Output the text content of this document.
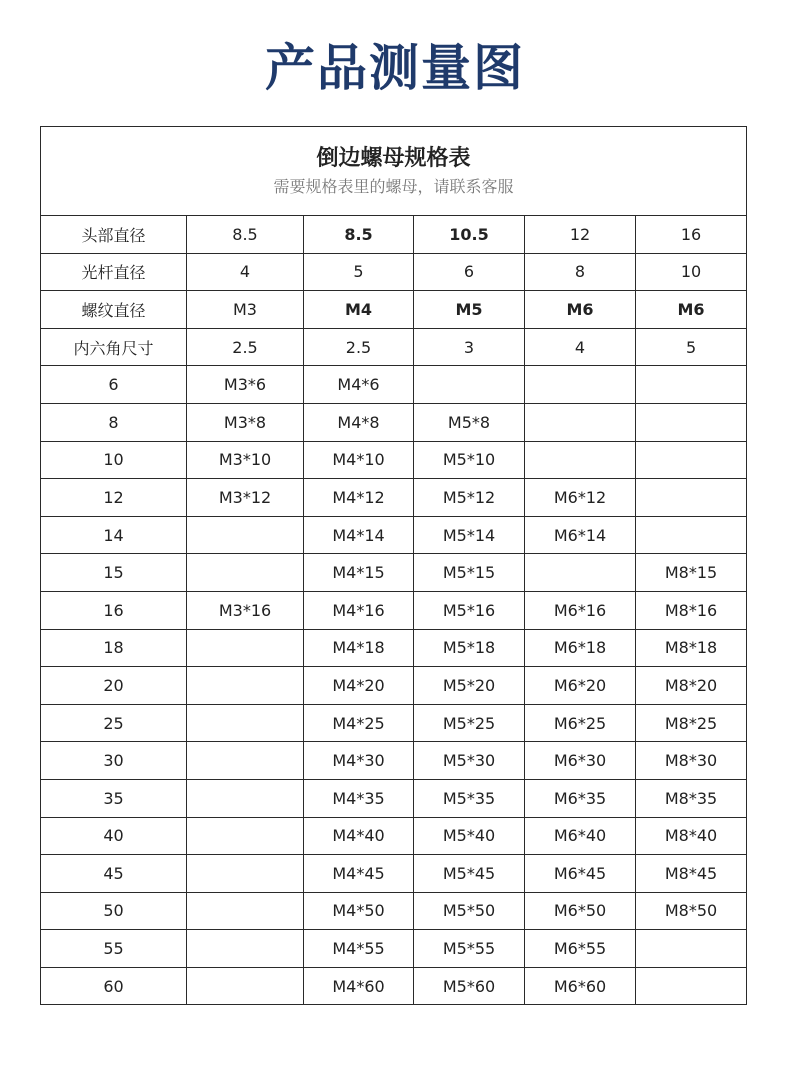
产品测量图
倒边螺母规格表
需要规格表里的螺母，请联系客服					

头部直径	8.5	8.5	10.5	12	16
光杆直径	4	5	6	8	10
螺纹直径	M3	M4	M5	M6	M6
内六角尺寸	2.5	2.5	3	4	5
6	M3*6	M4*6			
8	M3*8	M4*8	M5*8		
10	M3*10	M4*10	M5*10		
12	M3*12	M4*12	M5*12	M6*12	
14		M4*14	M5*14	M6*14	
15		M4*15	M5*15		M8*15
16	M3*16	M4*16	M5*16	M6*16	M8*16
18		M4*18	M5*18	M6*18	M8*18
20		M4*20	M5*20	M6*20	M8*20
25		M4*25	M5*25	M6*25	M8*25
30		M4*30	M5*30	M6*30	M8*30
35		M4*35	M5*35	M6*35	M8*35
40		M4*40	M5*40	M6*40	M8*40
45		M4*45	M5*45	M6*45	M8*45
50		M4*50	M5*50	M6*50	M8*50
55		M4*55	M5*55	M6*55	
60		M4*60	M5*60	M6*60	
